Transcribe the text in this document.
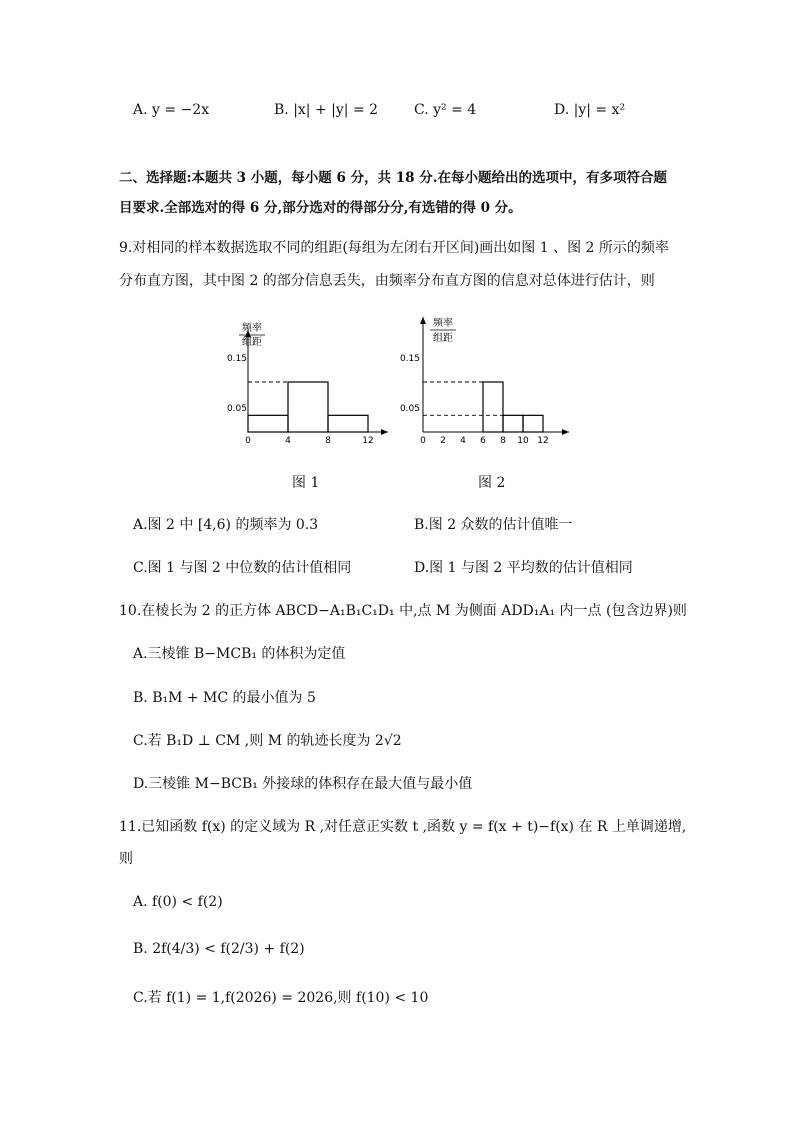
A. y = −2x	B. |x| + |y| = 2	C. y² = 4	D. |y| = x²
二、选择题:本题共 3 小题，每小题 6 分，共 18 分.在每小题给出的选项中，有多项符合题
目要求.全部选对的得 6 分,部分选对的得部分分,有选错的得 0 分。
9.对相同的样本数据选取不同的组距(每组为左闭右开区间)画出如图 1 、图 2 所示的频率
分布直方图，其中图 2 的部分信息丢失，由频率分布直方图的信息对总体进行估计，则
频率
组距
0.15
0.05
0	4	8	12
频率
组距
0.15
0.05
0 2 4 6 8 10 12
图 1	图 2
A.图 2 中 [4,6) 的频率为 0.3	B.图 2 众数的估计值唯一
C.图 1 与图 2 中位数的估计值相同	D.图 1 与图 2 平均数的估计值相同
10.在棱长为 2 的正方体 ABCD−A₁B₁C₁D₁ 中,点 M 为侧面 ADD₁A₁ 内一点 (包含边界)则
A.三棱锥 B−MCB₁ 的体积为定值
B. B₁M + MC 的最小值为 5
C.若 B₁D ⊥ CM ,则 M 的轨迹长度为 2√2
D.三棱锥 M−BCB₁ 外接球的体积存在最大值与最小值
11.已知函数 f(x) 的定义域为 R ,对任意正实数 t ,函数 y = f(x + t)−f(x) 在 R 上单调递增,
则
A. f(0) < f(2)
B. 2f(4/3) < f(2/3) + f(2)
C.若 f(1) = 1,f(2026) = 2026,则 f(10) < 10
